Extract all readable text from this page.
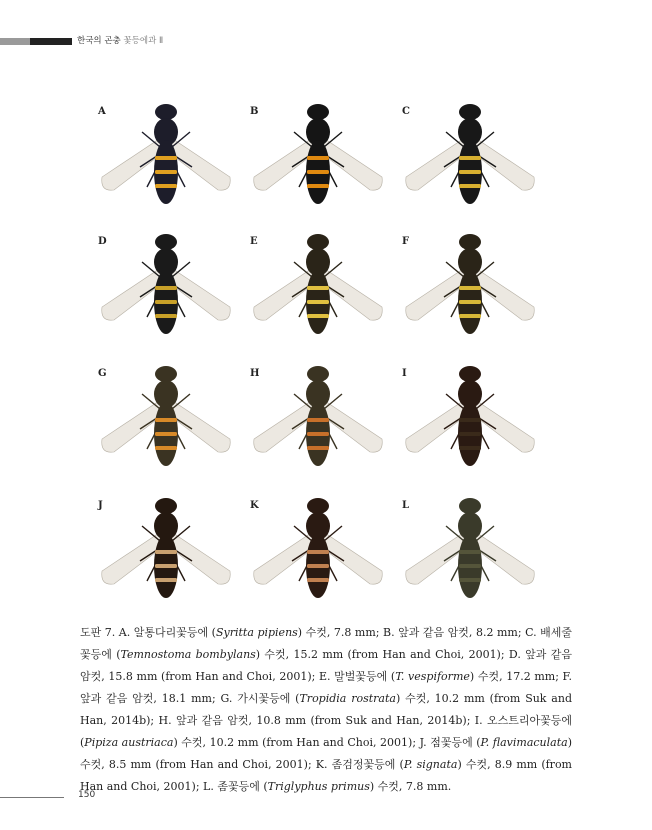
한국의 곤충 꽃등에과 Ⅱ
A	B	C
D	E	F
G	H	I
J	K	L
도판 7. A. 알통다리꽃등에 (Syritta pipiens) 수컷, 7.8 mm; B. 앞과 같음 암컷, 8.2 mm; C. 배세줄꽃등에 (Temnostoma bombylans) 수컷, 15.2 mm (from Han and Choi, 2001); D. 앞과 같음 암컷, 15.8 mm (from Han and Choi, 2001); E. 말벌꽃등에 (T. vespiforme) 수컷, 17.2 mm; F. 앞과 같음 암컷, 18.1 mm; G. 가시꽃등에 (Tropidia rostrata) 수컷, 10.2 mm (from Suk and Han, 2014b); H. 앞과 같음 암컷, 10.8 mm (from Suk and Han, 2014b); I. 오스트리아꽃등에 (Pipiza austriaca) 수컷, 10.2 mm (from Han and Choi, 2001); J. 점꽃등에 (P. flavimaculata) 수컷, 8.5 mm (from Han and Choi, 2001); K. 좀검정꽃등에 (P. signata) 수컷, 8.9 mm (from Han and Choi, 2001); L. 좀꽃등에 (Triglyphus primus) 수컷, 7.8 mm.
150
